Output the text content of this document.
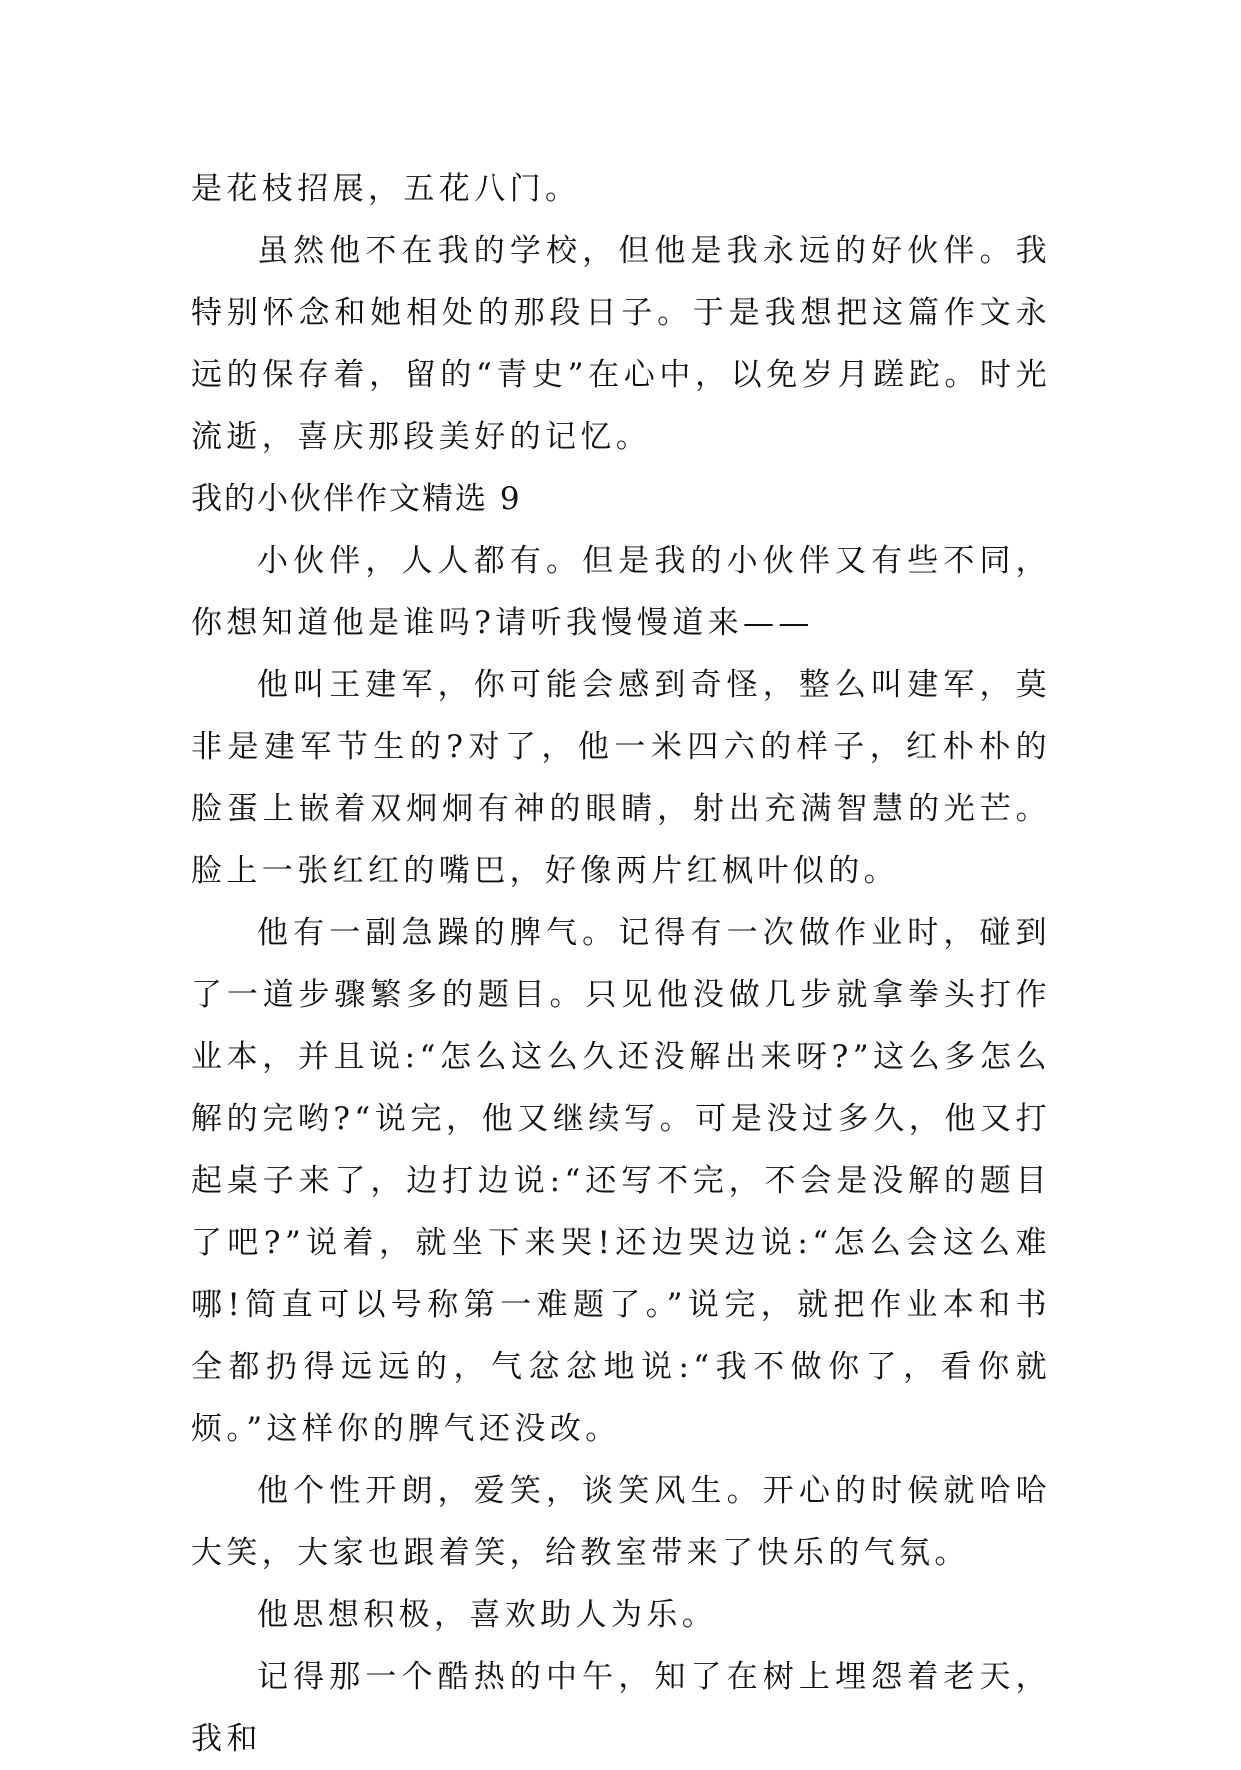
是花枝招展，五花八门。

虽然他不在我的学校，但他是我永远的好伙伴。我特别怀念和她相处的那段日子。于是我想把这篇作文永远的保存着，留的“青史”在心中，以免岁月蹉跎。时光流逝，喜庆那段美好的记忆。

我的小伙伴作文精选 9

小伙伴，人人都有。但是我的小伙伴又有些不同，你想知道他是谁吗?请听我慢慢道来——

他叫王建军，你可能会感到奇怪，整么叫建军，莫非是建军节生的?对了，他一米四六的样子，红朴朴的脸蛋上嵌着双炯炯有神的眼睛，射出充满智慧的光芒。脸上一张红红的嘴巴，好像两片红枫叶似的。

他有一副急躁的脾气。记得有一次做作业时，碰到了一道步骤繁多的题目。只见他没做几步就拿拳头打作业本，并且说:“怎么这么久还没解出来呀?”这么多怎么解的完哟?“说完，他又继续写。可是没过多久，他又打起桌子来了，边打边说:“还写不完，不会是没解的题目了吧?”说着，就坐下来哭!还边哭边说:“怎么会这么难哪!简直可以号称第一难题了。”说完，就把作业本和书全都扔得远远的，气忿忿地说:“我不做你了，看你就烦。”这样你的脾气还没改。

他个性开朗，爱笑，谈笑风生。开心的时候就哈哈大笑，大家也跟着笑，给教室带来了快乐的气氛。

他思想积极，喜欢助人为乐。

记得那一个酷热的中午，知了在树上埋怨着老天，我和
